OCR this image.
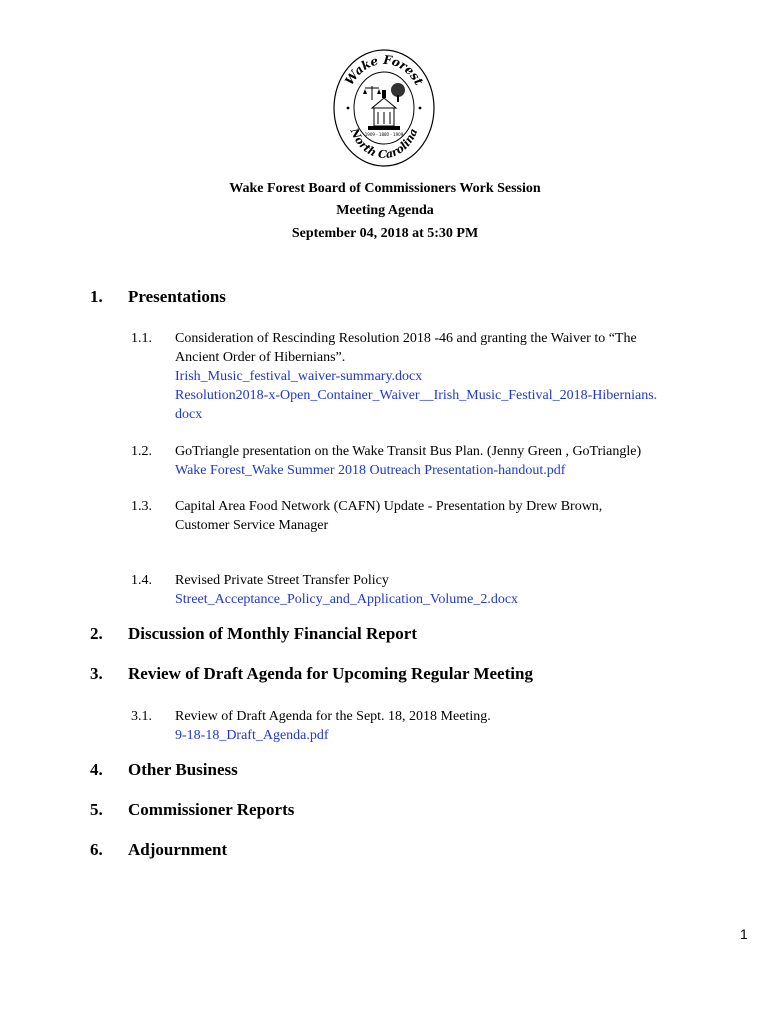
Wake Forest
North Carolina
1909 - 1880 - 1909
Wake Forest Board of Commissioners Work Session
Meeting Agenda
September 04, 2018 at 5:30 PM
1. Presentations
1.1. Consideration of Rescinding Resolution 2018 -46 and granting the Waiver to “The
Ancient Order of Hibernians”.
Irish_Music_festival_waiver-summary.docx
Resolution2018-x-Open_Container_Waiver__Irish_Music_Festival_2018-Hibernians.
docx
1.2. GoTriangle presentation on the Wake Transit Bus Plan. (Jenny Green , GoTriangle)
Wake Forest_Wake Summer 2018 Outreach Presentation-handout.pdf
1.3. Capital Area Food Network (CAFN) Update - Presentation by Drew Brown,
Customer Service Manager
1.4. Revised Private Street Transfer Policy
Street_Acceptance_Policy_and_Application_Volume_2.docx
2. Discussion of Monthly Financial Report
3. Review of Draft Agenda for Upcoming Regular Meeting
3.1. Review of Draft Agenda for the Sept. 18, 2018 Meeting.
9-18-18_Draft_Agenda.pdf
4. Other Business
5. Commissioner Reports
6. Adjournment
1
